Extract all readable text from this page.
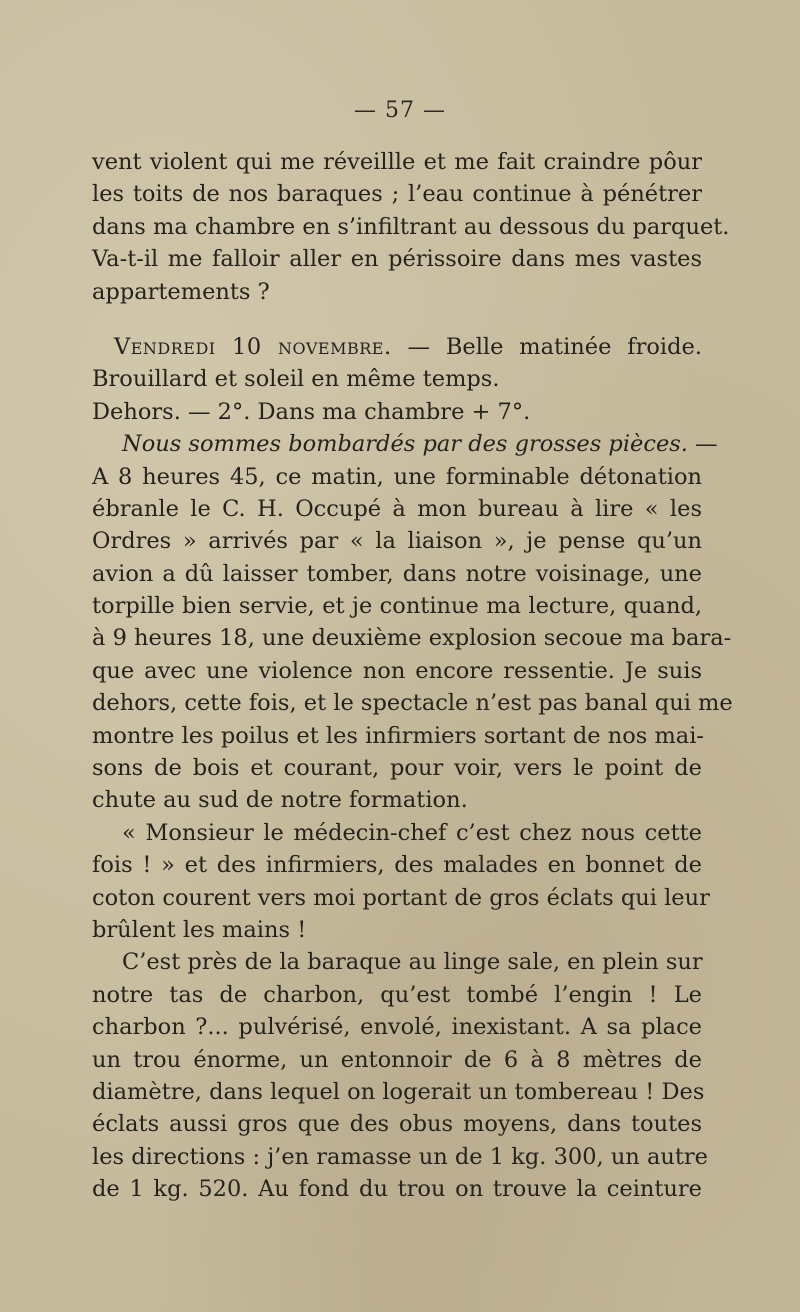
— 57 —
vent violent qui me réveillle et me fait craindre pôur
les toits de nos baraques ; l’eau continue à pénétrer
dans ma chambre en s’infiltrant au dessous du parquet.
Va-t-il me falloir aller en périssoire dans mes vastes
appartements ?
Vendredi 10 novembre. — Belle matinée froide.
Brouillard et soleil en même temps.
Dehors. — 2°. Dans ma chambre + 7°.
Nous sommes bombardés par des grosses pièces. —
A 8 heures 45, ce matin, une forminable détonation
ébranle le C. H. Occupé à mon bureau à lire « les
Ordres » arrivés par « la liaison », je pense qu’un
avion a dû laisser tomber, dans notre voisinage, une
torpille bien servie, et je continue ma lecture, quand,
à 9 heures 18, une deuxième explosion secoue ma bara-
que avec une violence non encore ressentie. Je suis
dehors, cette fois, et le spectacle n’est pas banal qui me
montre les poilus et les infirmiers sortant de nos mai-
sons de bois et courant, pour voir, vers le point de
chute au sud de notre formation.
« Monsieur le médecin-chef c’est chez nous cette
fois ! » et des infirmiers, des malades en bonnet de
coton courent vers moi portant de gros éclats qui leur
brûlent les mains !
C’est près de la baraque au linge sale, en plein sur
notre tas de charbon, qu’est tombé l’engin ! Le
charbon ?... pulvérisé, envolé, inexistant. A sa place
un trou énorme, un entonnoir de 6 à 8 mètres de
diamètre, dans lequel on logerait un tombereau ! Des
éclats aussi gros que des obus moyens, dans toutes
les directions : j’en ramasse un de 1 kg. 300, un autre
de 1 kg. 520. Au fond du trou on trouve la ceinture
